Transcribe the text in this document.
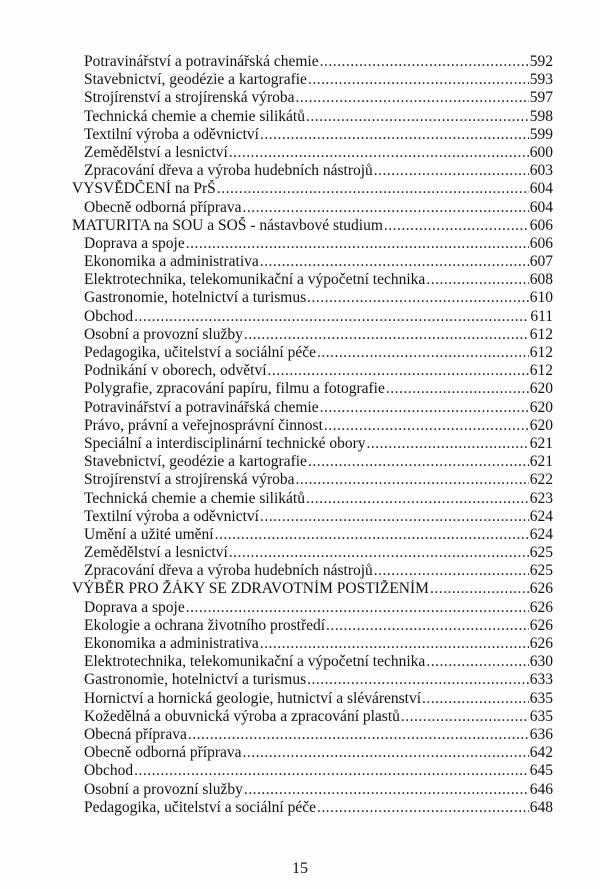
Potravinářství a potravinářská chemie .....	592
Stavebnictví, geodézie a kartografie .....	593
Strojírenství a strojírenská výroba .....	597
Technická chemie a chemie silikátů .....	598
Textilní výroba a oděvnictví .....	599
Zemědělství a lesnictví .....	600
Zpracování dřeva a výroba hudebních nástrojů .....	603
VYSVĚDČENÍ na PrŠ .....	604
Obecně odborná příprava .....	604
MATURITA na SOU a SOŠ - nástavbové studium .....	606
Doprava a spoje .....	606
Ekonomika a administrativa .....	607
Elektrotechnika, telekomunikační a výpočetní technika .....	608
Gastronomie, hotelnictví a turismus .....	610
Obchod .....	611
Osobní a provozní služby .....	612
Pedagogika, učitelství a sociální péče .....	612
Podnikání v oborech, odvětví .....	612
Polygrafie, zpracování papíru, filmu a fotografie .....	620
Potravinářství a potravinářská chemie .....	620
Právo, právní a veřejnosprávní činnost .....	620
Speciální a interdisciplinární technické obory .....	621
Stavebnictví, geodézie a kartografie .....	621
Strojírenství a strojírenská výroba .....	622
Technická chemie a chemie silikátů .....	623
Textilní výroba a oděvnictví .....	624
Umění a užité umění .....	624
Zemědělství a lesnictví .....	625
Zpracování dřeva a výroba hudebních nástrojů .....	625
VÝBĚR PRO ŽÁKY SE ZDRAVOTNÍM POSTIŽENÍM .....	626
Doprava a spoje .....	626
Ekologie a ochrana životního prostředí .....	626
Ekonomika a administrativa .....	626
Elektrotechnika, telekomunikační a výpočetní technika .....	630
Gastronomie, hotelnictví a turismus .....	633
Hornictví a hornická geologie, hutnictví a slévárenství .....	635
Kožedělná a obuvnická výroba a zpracování plastů .....	635
Obecná příprava .....	636
Obecně odborná příprava .....	642
Obchod .....	645
Osobní a provozní služby .....	646
Pedagogika, učitelství a sociální péče .....	648
15
